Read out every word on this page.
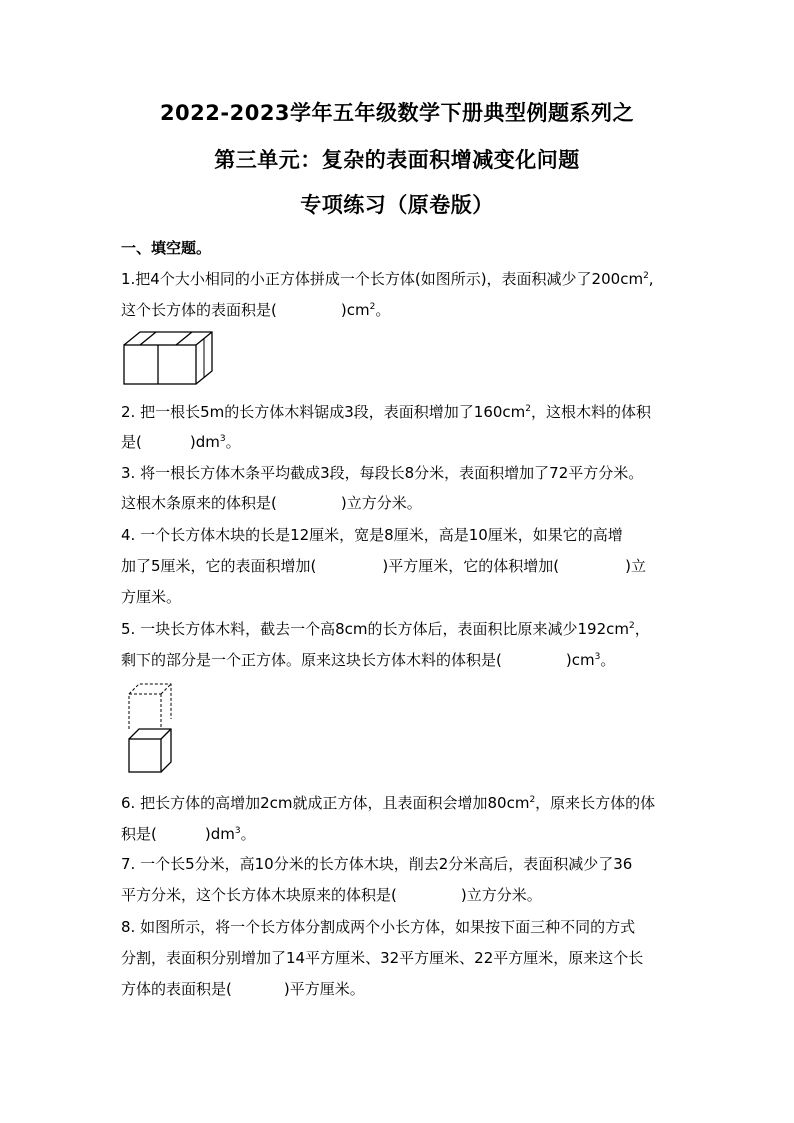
2022-2023学年五年级数学下册典型例题系列之
第三单元：复杂的表面积增减变化问题
专项练习（原卷版）
一、填空题。
1.把4个大小相同的小正方体拼成一个长方体(如图所示)，表面积减少了$200cm^2$,
这个长方体的表面积是(	)$cm^2$。
2. 把一根长5m的长方体木料锯成3段，表面积增加了$160cm^2$，这根木料的体积
是(	)$dm^3$。
3. 将一根长方体木条平均截成3段，每段长8分米，表面积增加了72平方分米。
这根木条原来的体积是(	)立方分米。
4. 一个长方体木块的长是12厘米，宽是8厘米，高是10厘米，如果它的高增
加了5厘米，它的表面积增加(	)平方厘米，它的体积增加(	)立
方厘米。
5. 一块长方体木料，截去一个高8cm的长方体后，表面积比原来减少$192cm^2$，
剩下的部分是一个正方体。原来这块长方体木料的体积是(	)$cm^3$。
6. 把长方体的高增加2cm就成正方体，且表面积会增加$80cm^2$，原来长方体的体
积是(	)$dm^3$。
7. 一个长5分米，高10分米的长方体木块，削去2分米高后，表面积减少了36
平方分米，这个长方体木块原来的体积是(	)立方分米。
8. 如图所示，将一个长方体分割成两个小长方体，如果按下面三种不同的方式
分割，表面积分别增加了14平方厘米、32平方厘米、22平方厘米，原来这个长
方体的表面积是(	)平方厘米。
